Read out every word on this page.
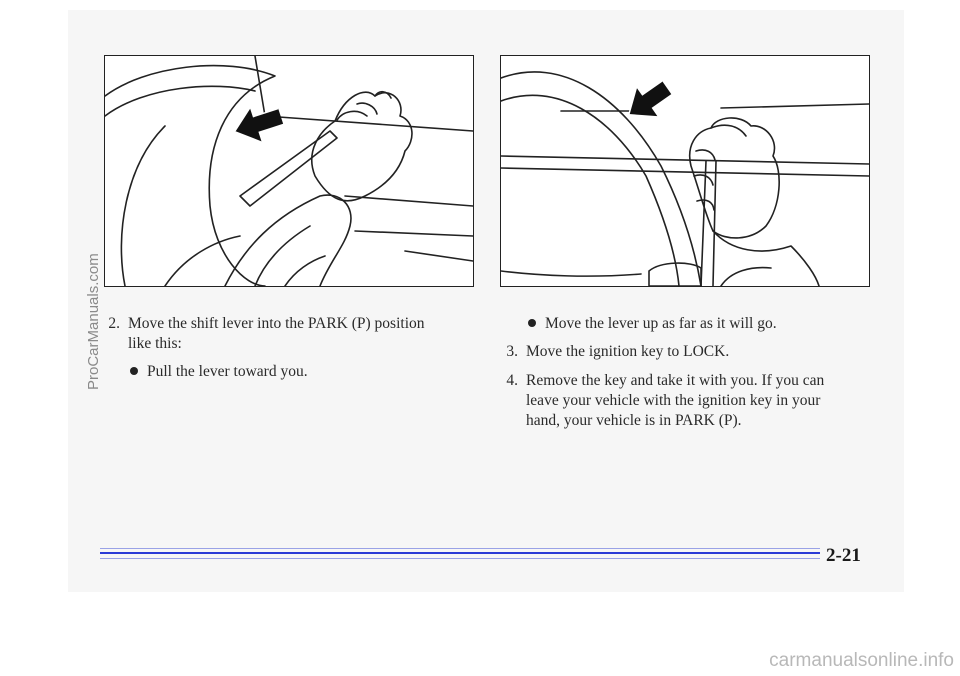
2. Move the shift lever into the PARK (P) position
like this:
Pull the lever toward you.
Move the lever up as far as it will go.
3. Move the ignition key to LOCK.
4. Remove the key and take it with you. If you can
leave your vehicle with the ignition key in your
hand, your vehicle is in PARK (P).
2-21
ProCarManuals.com
carmanualsonline.info
